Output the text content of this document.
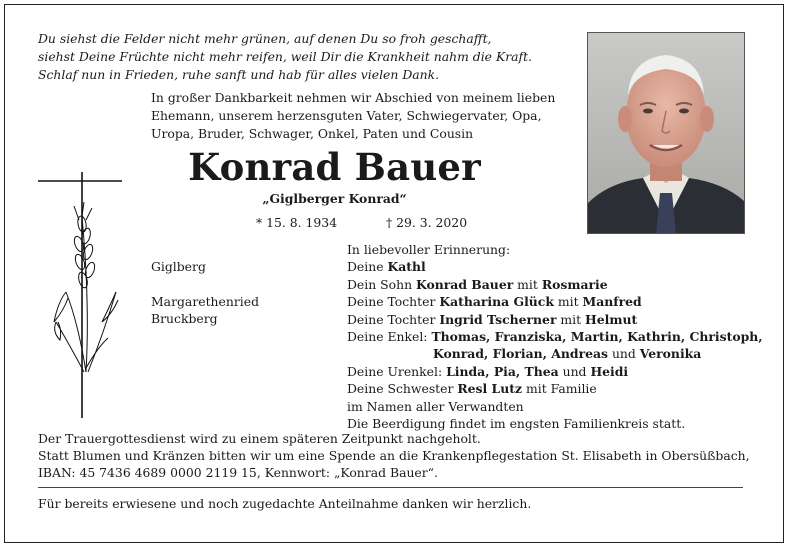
Du siehst die Felder nicht mehr grünen, auf denen Du so froh geschafft,
siehst Deine Früchte nicht mehr reifen, weil Dir die Krankheit nahm die Kraft.
Schlaf nun in Frieden, ruhe sanft und hab für alles vielen Dank.
In großer Dankbarkeit nehmen wir Abschied von meinem lieben
Ehemann, unserem herzensguten Vater, Schwiegervater, Opa,
Uropa, Bruder, Schwager, Onkel, Paten und Cousin
Konrad Bauer
„Giglberger Konrad“
* 15. 8. 1934	† 29. 3. 2020
Giglberg
Margarethenried
Bruckberg
In liebevoller Erinnerung:
Deine Kathl
Dein Sohn Konrad Bauer mit Rosmarie
Deine Tochter Katharina Glück mit Manfred
Deine Tochter Ingrid Tscherner mit Helmut
Deine Enkel: Thomas, Franziska, Martin, Kathrin, Christoph,
Konrad, Florian, Andreas und Veronika
Deine Urenkel: Linda, Pia, Thea und Heidi
Deine Schwester Resl Lutz mit Familie
im Namen aller Verwandten
Die Beerdigung findet im engsten Familienkreis statt.
Der Trauergottesdienst wird zu einem späteren Zeitpunkt nachgeholt.
Statt Blumen und Kränzen bitten wir um eine Spende an die Krankenpflegestation St. Elisabeth in Obersüßbach,
IBAN: 45 7436 4689 0000 2119 15, Kennwort: „Konrad Bauer“.
Für bereits erwiesene und noch zugedachte Anteilnahme danken wir herzlich.
